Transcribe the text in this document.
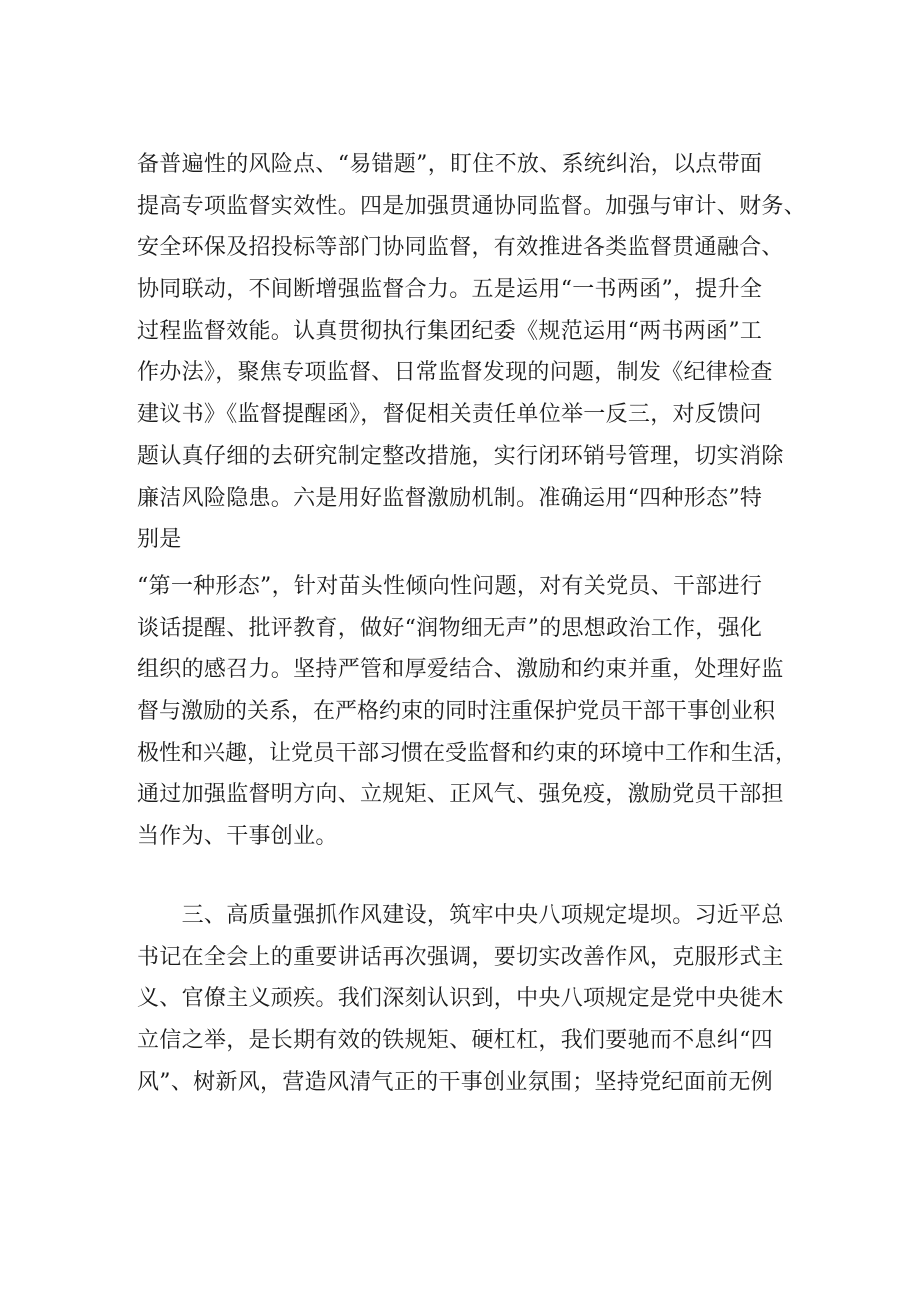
备普遍性的风险点、“易错题”，盯住不放、系统纠治，以点带面
提高专项监督实效性。四是加强贯通协同监督。加强与审计、财务、
安全环保及招投标等部门协同监督，有效推进各类监督贯通融合、
协同联动，不间断增强监督合力。五是运用“一书两函”，提升全
过程监督效能。认真贯彻执行集团纪委《规范运用“两书两函”工
作办法》，聚焦专项监督、日常监督发现的问题，制发《纪律检查
建议书》《监督提醒函》，督促相关责任单位举一反三，对反馈问
题认真仔细的去研究制定整改措施，实行闭环销号管理，切实消除
廉洁风险隐患。六是用好监督激励机制。准确运用“四种形态”特
别是
“第一种形态”，针对苗头性倾向性问题，对有关党员、干部进行
谈话提醒、批评教育，做好“润物细无声”的思想政治工作，强化
组织的感召力。坚持严管和厚爱结合、激励和约束并重，处理好监
督与激励的关系，在严格约束的同时注重保护党员干部干事创业积
极性和兴趣，让党员干部习惯在受监督和约束的环境中工作和生活，
通过加强监督明方向、立规矩、正风气、强免疫，激励党员干部担
当作为、干事创业。
　　三、高质量强抓作风建设，筑牢中央八项规定堤坝。习近平总
书记在全会上的重要讲话再次强调，要切实改善作风，克服形式主
义、官僚主义顽疾。我们深刻认识到，中央八项规定是党中央徙木
立信之举，是长期有效的铁规矩、硬杠杠，我们要驰而不息纠“四
风”、树新风，营造风清气正的干事创业氛围；坚持党纪面前无例
